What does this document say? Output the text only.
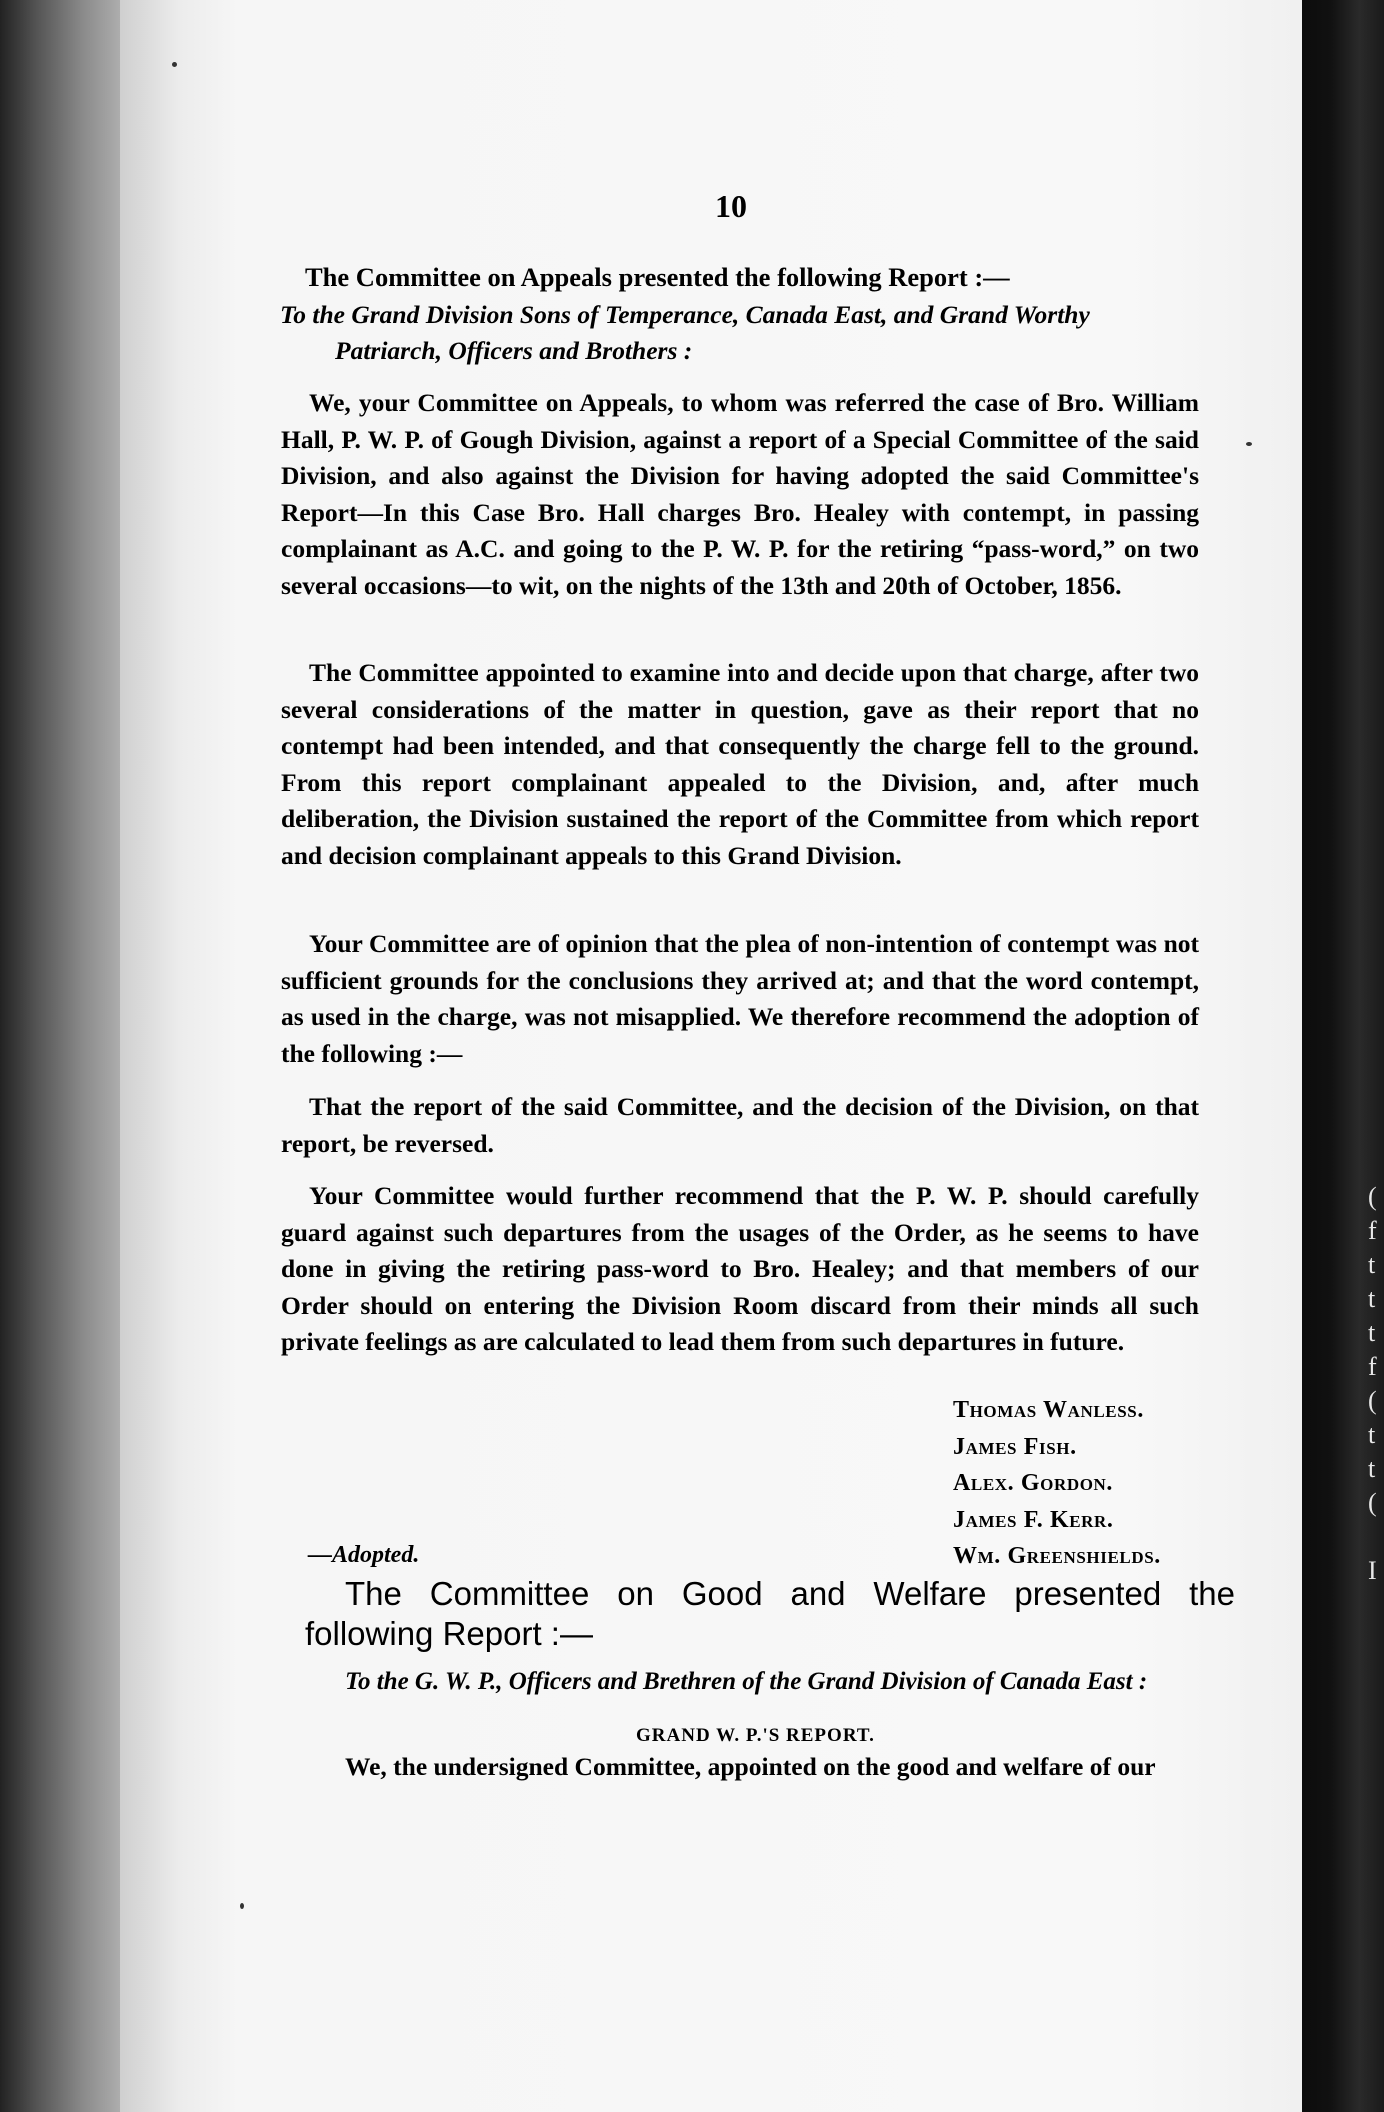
(
f
t
t
t
f
(
t
t
(

I
10
The Committee on Appeals presented the following Report :—
To the Grand Division Sons of Temperance, Canada East, and Grand Worthy
Patriarch, Officers and Brothers :
We, your Committee on Appeals, to whom was referred the case of Bro. William Hall, P. W. P. of Gough Division, against a report of a Special Committee of the said Division, and also against the Division for having adopted the said Committee's Report—In this Case Bro. Hall charges Bro. Healey with contempt, in passing complainant as A.C. and going to the P. W. P. for the retiring “pass-word,” on two several occasions—to wit, on the nights of the 13th and 20th of October, 1856.
The Committee appointed to examine into and decide upon that charge, after two several considerations of the matter in question, gave as their report that no contempt had been intended, and that consequently the charge fell to the ground. From this report complainant appealed to the Division, and, after much deliberation, the Division sustained the report of the Committee from which report and decision complainant appeals to this Grand Division.
Your Committee are of opinion that the plea of non-intention of contempt was not sufficient grounds for the conclusions they arrived at; and that the word contempt, as used in the charge, was not misapplied. We therefore recommend the adoption of the following :—
That the report of the said Committee, and the decision of the Division, on that report, be reversed.
Your Committee would further recommend that the P. W. P. should carefully guard against such departures from the usages of the Order, as he seems to have done in giving the retiring pass-word to Bro. Healey; and that members of our Order should on entering the Division Room discard from their minds all such private feelings as are calculated to lead them from such departures in future.
Thomas Wanless.
James Fish.
Alex. Gordon.
James F. Kerr.
Wm. Greenshields.
—Adopted.
The Committee on Good and Welfare presented the following Report :—
To the G. W. P., Officers and Brethren of the Grand Division of Canada East :
GRAND W. P.'S REPORT.
We, the undersigned Committee, appointed on the good and welfare of our
